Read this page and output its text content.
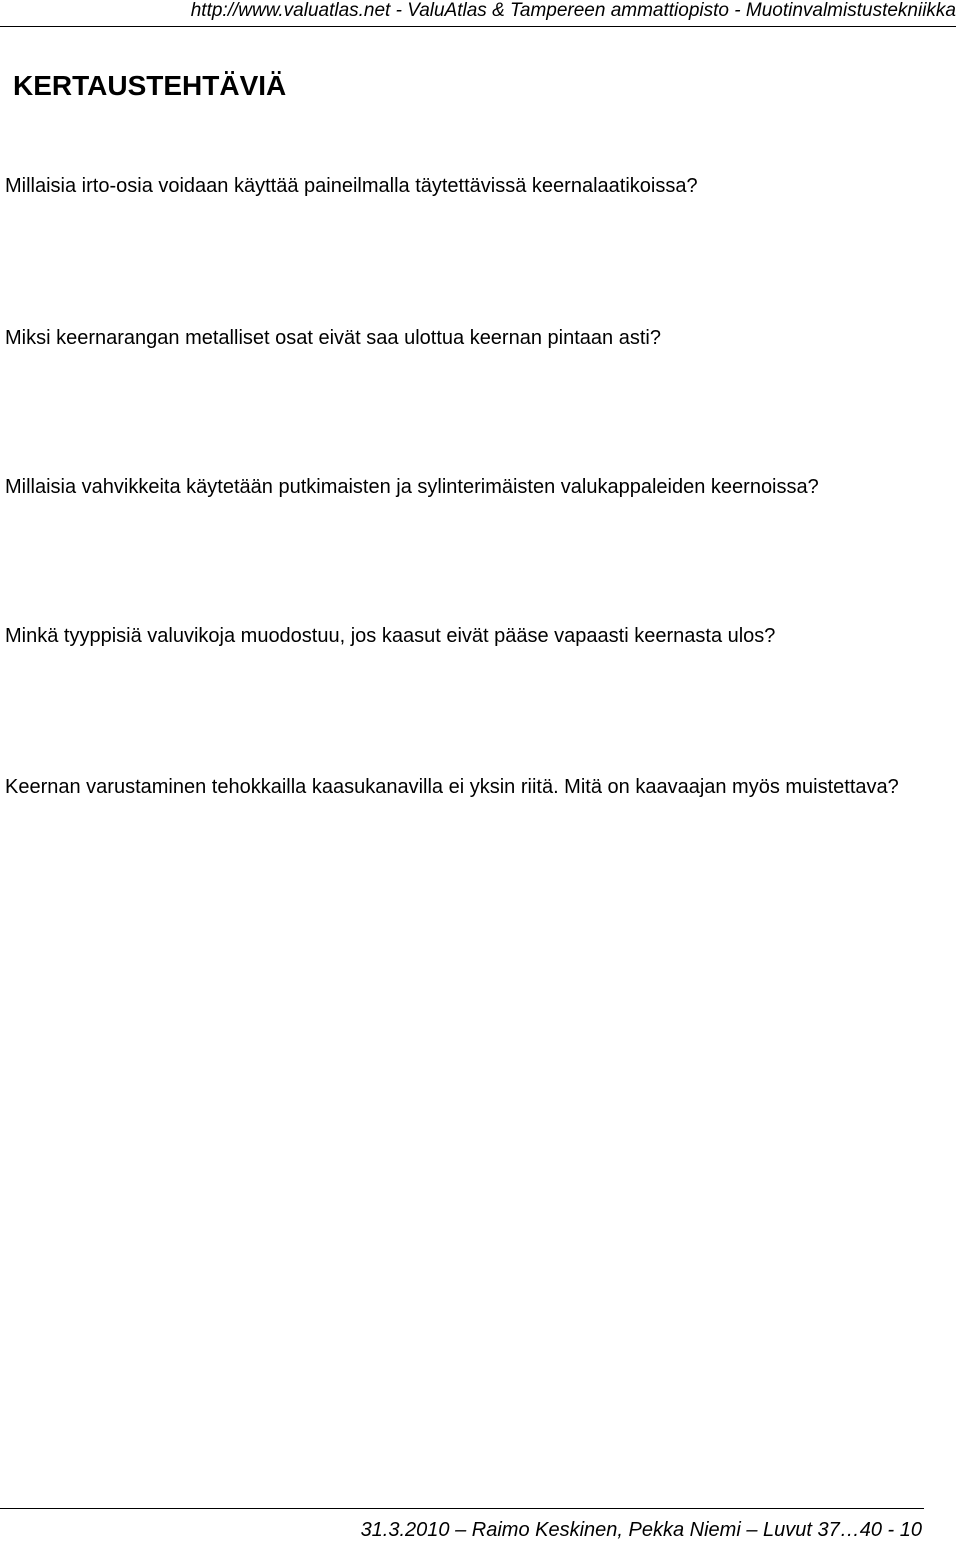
http://www.valuatlas.net - ValuAtlas & Tampereen ammattiopisto - Muotinvalmistustekniikka
KERTAUSTEHTÄVIÄ
Millaisia irto-osia voidaan käyttää paineilmalla täytettävissä keernalaatikoissa?
Miksi keernarangan metalliset osat eivät saa ulottua keernan pintaan asti?
Millaisia vahvikkeita käytetään putkimaisten ja sylinterimäisten valukappaleiden keernoissa?
Minkä tyyppisiä valuvikoja muodostuu, jos kaasut eivät pääse vapaasti keernasta ulos?
Keernan varustaminen tehokkailla kaasukanavilla ei yksin riitä. Mitä on kaavaajan myös muistettava?
31.3.2010 – Raimo Keskinen, Pekka Niemi – Luvut 37…40 - 10
